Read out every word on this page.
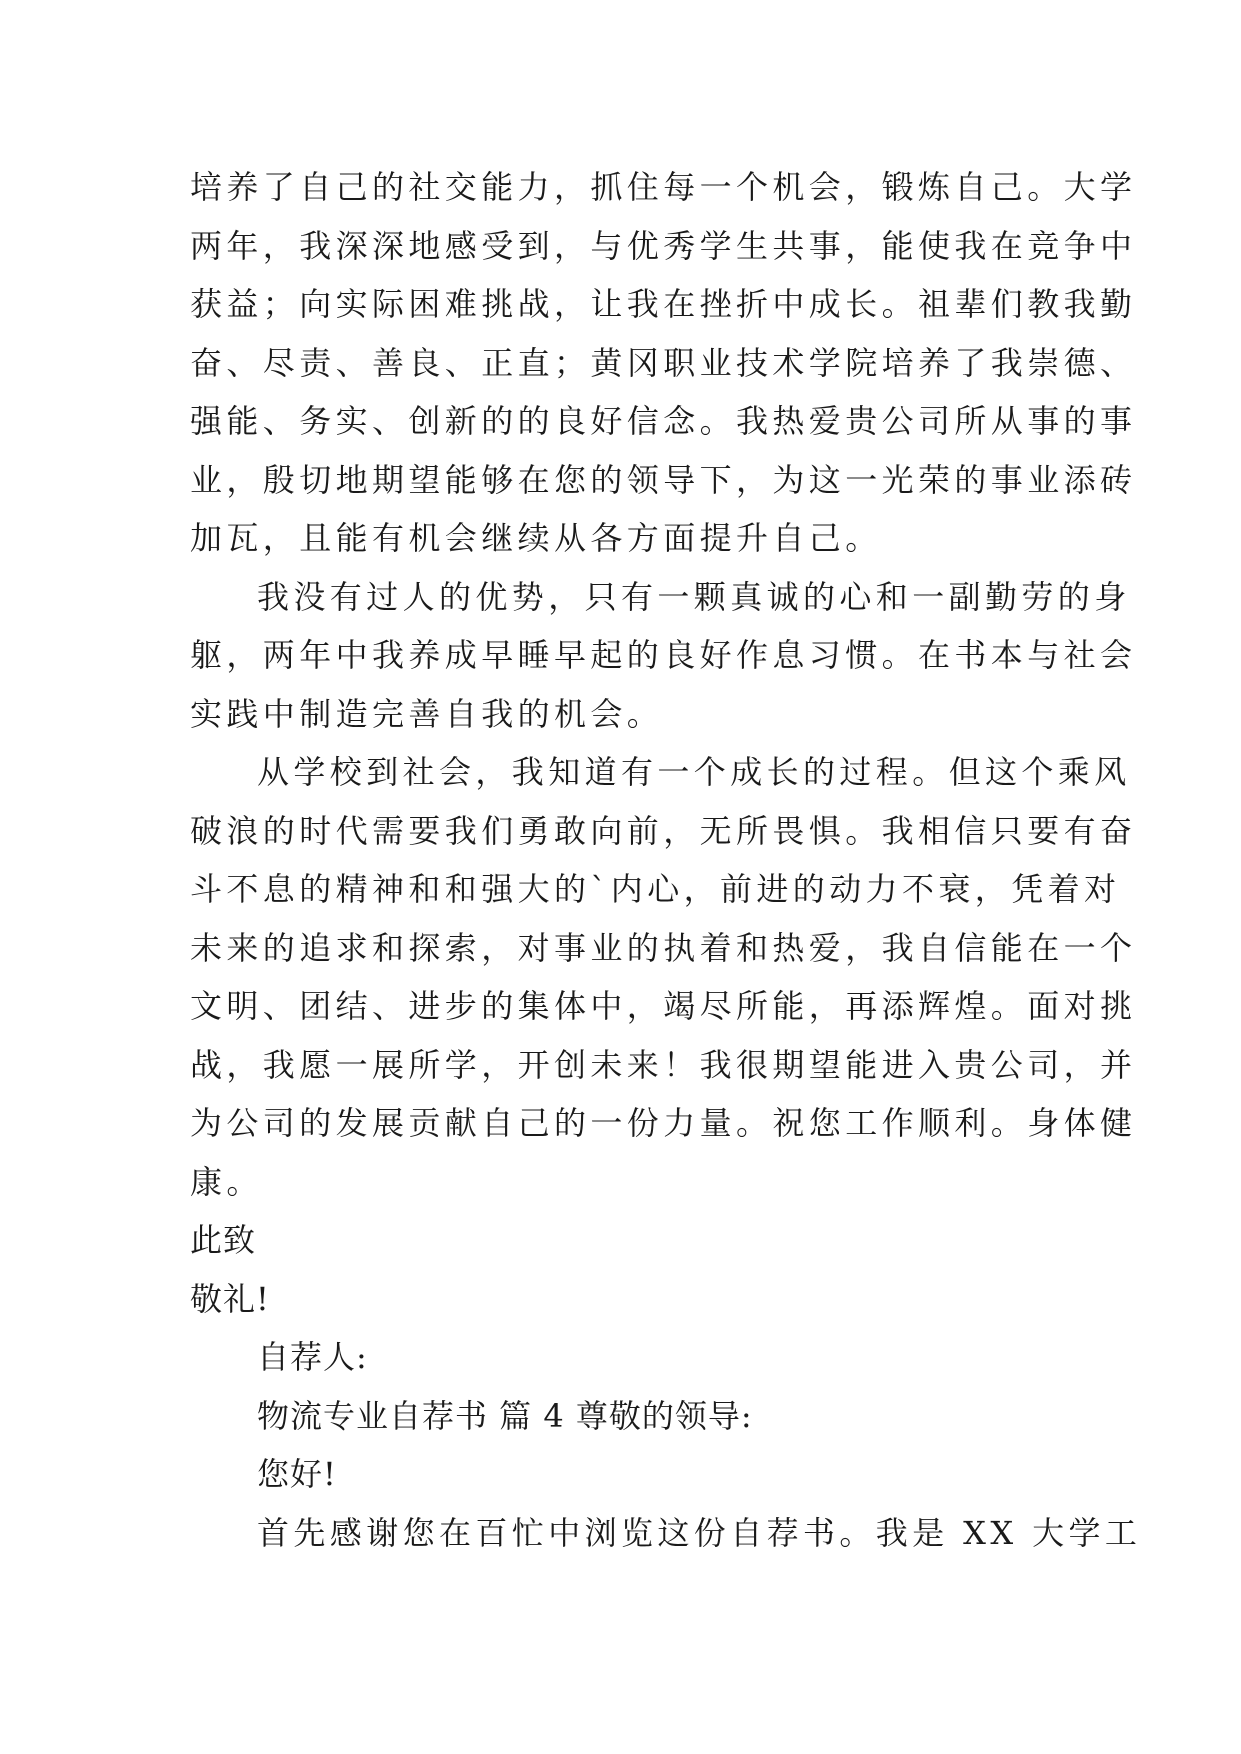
培养了自己的社交能力，抓住每一个机会，锻炼自己。大学
两年，我深深地感受到，与优秀学生共事，能使我在竞争中
获益；向实际困难挑战，让我在挫折中成长。祖辈们教我勤
奋、尽责、善良、正直；黄冈职业技术学院培养了我崇德、
强能、务实、创新的的良好信念。我热爱贵公司所从事的事
业，殷切地期望能够在您的领导下，为这一光荣的事业添砖
加瓦，且能有机会继续从各方面提升自己。
我没有过人的优势，只有一颗真诚的心和一副勤劳的身
躯，两年中我养成早睡早起的良好作息习惯。在书本与社会
实践中制造完善自我的机会。
从学校到社会，我知道有一个成长的过程。但这个乘风
破浪的时代需要我们勇敢向前，无所畏惧。我相信只要有奋
斗不息的精神和和强大的`内心，前进的动力不衰，凭着对
未来的追求和探索，对事业的执着和热爱，我自信能在一个
文明、团结、进步的集体中，竭尽所能，再添辉煌。面对挑
战，我愿一展所学，开创未来！我很期望能进入贵公司，并
为公司的发展贡献自己的一份力量。祝您工作顺利。身体健
康。
此致
敬礼!
自荐人:
物流专业自荐书 篇 4 尊敬的领导:
您好!
首先感谢您在百忙中浏览这份自荐书。我是 XX 大学工
